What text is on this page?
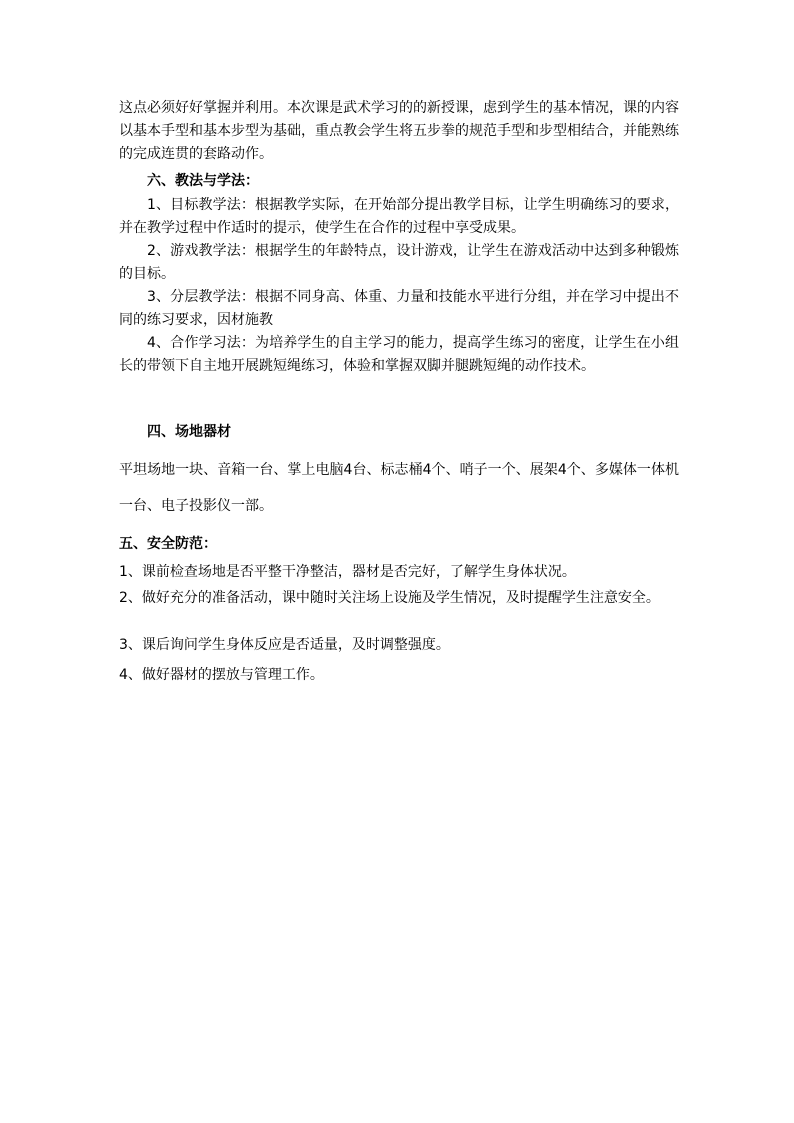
这点必须好好掌握并利用。本次课是武术学习的的新授课，虑到学生的基本情况，课的内容以基本手型和基本步型为基础，重点教会学生将五步拳的规范手型和步型相结合，并能熟练的完成连贯的套路动作。

六、教法与学法：

1、目标教学法：根据教学实际，在开始部分提出教学目标，让学生明确练习的要求，并在教学过程中作适时的提示，使学生在合作的过程中享受成果。

2、游戏教学法：根据学生的年龄特点，设计游戏，让学生在游戏活动中达到多种锻炼的目标。

3、分层教学法：根据不同身高、体重、力量和技能水平进行分组，并在学习中提出不同的练习要求，因材施教

4、合作学习法：为培养学生的自主学习的能力，提高学生练习的密度，让学生在小组长的带领下自主地开展跳短绳练习，体验和掌握双脚并腿跳短绳的动作技术。

四、场地器材

平坦场地一块、音箱一台、掌上电脑4台、标志桶4个、哨子一个、展架4个、多媒体一体机一台、电子投影仪一部。

五、安全防范：

1、课前检查场地是否平整干净整洁，器材是否完好，了解学生身体状况。

2、做好充分的准备活动，课中随时关注场上设施及学生情况，及时提醒学生注意安全。

3、课后询问学生身体反应是否适量，及时调整强度。

4、做好器材的摆放与管理工作。
